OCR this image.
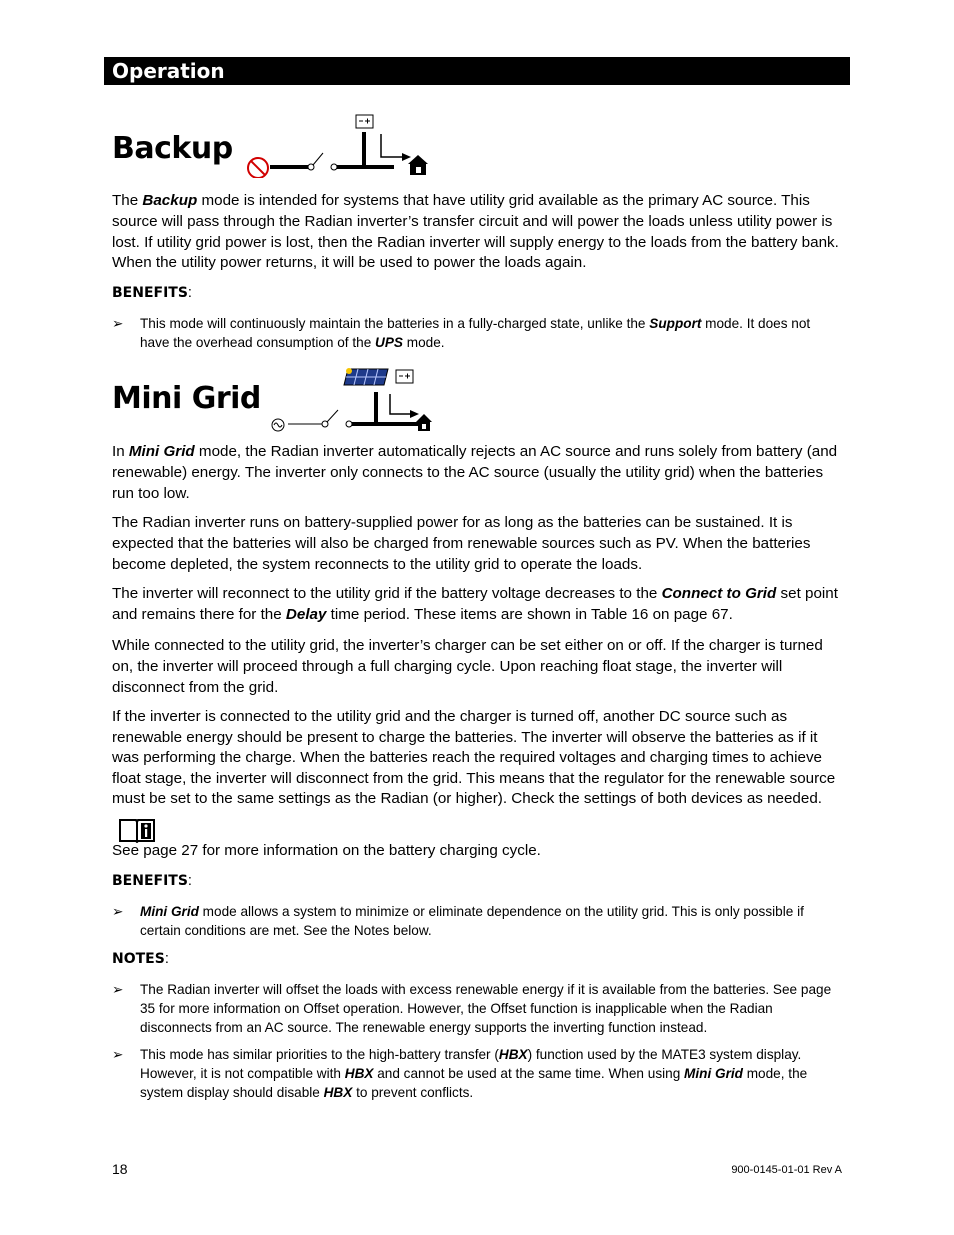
Operation
Backup

The Backup mode is intended for systems that have utility grid available as the primary AC source. This source will pass through the Radian inverter’s transfer circuit and will power the loads unless utility power is lost. If utility grid power is lost, then the Radian inverter will supply energy to the loads from the battery bank. When the utility power returns, it will be used to power the loads again.

BENEFITS:

➢	This mode will continuously maintain the batteries in a fully-charged state, unlike the Support mode. It does not have the overhead consumption of the UPS mode.
Mini Grid

In Mini Grid mode, the Radian inverter automatically rejects an AC source and runs solely from battery (and renewable) energy. The inverter only connects to the AC source (usually the utility grid) when the batteries run too low.

The Radian inverter runs on battery-supplied power for as long as the batteries can be sustained. It is expected that the batteries will also be charged from renewable sources such as PV. When the batteries become depleted, the system reconnects to the utility grid to operate the loads.

The inverter will reconnect to the utility grid if the battery voltage decreases to the Connect to Grid set point and remains there for the Delay time period. These items are shown in Table 16 on page 67.

While connected to the utility grid, the inverter’s charger can be set either on or off. If the charger is turned on, the inverter will proceed through a full charging cycle. Upon reaching float stage, the inverter will disconnect from the grid.

If the inverter is connected to the utility grid and the charger is turned off, another DC source such as renewable energy should be present to charge the batteries. The inverter will observe the batteries as if it was performing the charge. When the batteries reach the required voltages and charging times to achieve float stage, the inverter will disconnect from the grid. This means that the regulator for the renewable source must be set to the same settings as the Radian (or higher). Check the settings of both devices as needed.

See page 27 for more information on the battery charging cycle.

BENEFITS:

➢	Mini Grid mode allows a system to minimize or eliminate dependence on the utility grid. This is only possible if certain conditions are met. See the Notes below.

NOTES:

➢	The Radian inverter will offset the loads with excess renewable energy if it is available from the batteries. See page 35 for more information on Offset operation. However, the Offset function is inapplicable when the Radian disconnects from an AC source. The renewable energy supports the inverting function instead.
➢	This mode has similar priorities to the high-battery transfer (HBX) function used by the MATE3 system display. However, it is not compatible with HBX and cannot be used at the same time. When using Mini Grid mode, the system display should disable HBX to prevent conflicts.
18	900-0145-01-01 Rev A
